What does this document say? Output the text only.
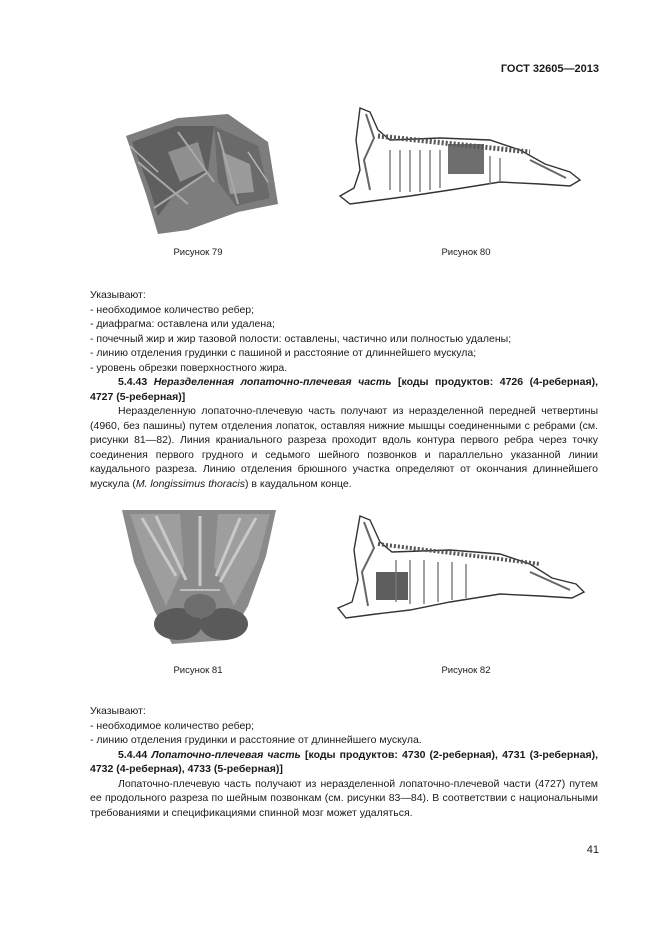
ГОСТ 32605—2013
Рисунок 79	Рисунок 80

Указывают:

- необходимое количество ребер;
- диафрагма: оставлена или удалена;
- почечный жир и жир тазовой полости: оставлены, частично или полностью удалены;
- линию отделения грудинки с пашиной и расстояние от длиннейшего мускула;
- уровень обрезки поверхностного жира.

5.4.43 Неразделенная лопаточно-плечевая часть [коды продуктов: 4726 (4-реберная), 4727 (5-реберная)]

Неразделенную лопаточно-плечевую часть получают из неразделенной передней четвертины (4960, без пашины) путем отделения лопаток, оставляя нижние мышцы соединенными с ребрами (см. рисунки 81—82). Линия краниального разреза проходит вдоль контура первого ребра через точку соединения первого грудного и седьмого шейного позвонков и параллельно указанной линии каудального разреза. Линию отделения брюшного участка определяют от окончания длиннейшего мускула (M. longissimus thoracis) в каудальном конце.

Рисунок 81	Рисунок 82

Указывают:

- необходимое количество ребер;
- линию отделения грудинки и расстояние от длиннейшего мускула.

5.4.44 Лопаточно-плечевая часть [коды продуктов: 4730 (2-реберная), 4731 (3-реберная), 4732 (4-реберная), 4733 (5-реберная)]

Лопаточно-плечевую часть получают из неразделенной лопаточно-плечевой части (4727) путем ее продольного разреза по шейным позвонкам (см. рисунки 83—84). В соответствии с национальными требованиями и спецификациями спинной мозг может удаляться.

41
